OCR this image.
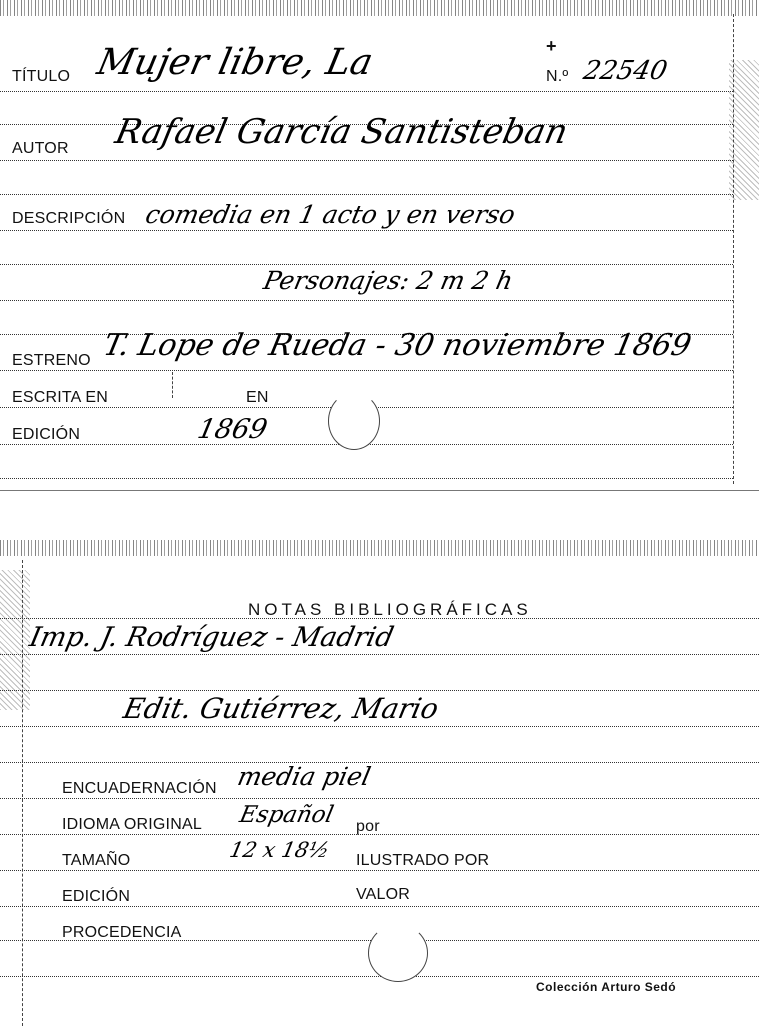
+
TÍTULO Mujer libre, La	N.º 22540
AUTOR Rafael García Santisteban
DESCRIPCIÓN comedia en 1 acto y en verso
Personajes: 2 m 2 h
ESTRENO T. Lope de Rueda - 30 noviembre 1869
ESCRITA EN	EN
EDICIÓN	1869
NOTAS BIBLIOGRÁFICAS
Imp. J. Rodríguez - Madrid
Edit. Gutiérrez, Mario
ENCUADERNACIÓN media piel
IDIOMA ORIGINAL Español por
TAMAÑO	12 x 18½ ILUSTRADO POR
EDICIÓN	VALOR
PROCEDENCIA
Colección Arturo Sedó
